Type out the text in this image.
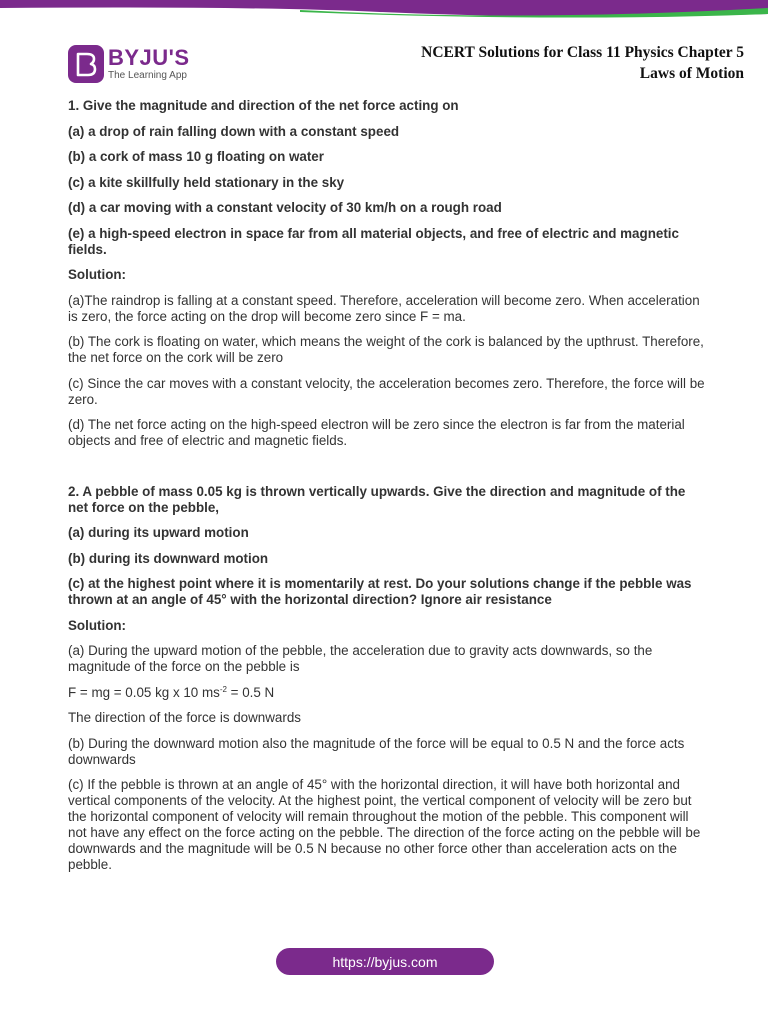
BYJU'S
The Learning App
NCERT Solutions for Class 11 Physics Chapter 5
Laws of Motion
1. Give the magnitude and direction of the net force acting on
(a) a drop of rain falling down with a constant speed
(b) a cork of mass 10 g floating on water
(c) a kite skillfully held stationary in the sky
(d) a car moving with a constant velocity of 30 km/h on a rough road
(e) a high-speed electron in space far from all material objects, and free of electric and magnetic fields.
Solution:
(a)The raindrop is falling at a constant speed. Therefore, acceleration will become zero. When acceleration is zero, the force acting on the drop will become zero since F = ma.
(b) The cork is floating on water, which means the weight of the cork is balanced by the upthrust. Therefore, the net force on the cork will be zero
(c) Since the car moves with a constant velocity, the acceleration becomes zero. Therefore, the force will be zero.
(d) The net force acting on the high-speed electron will be zero since the electron is far from the material objects and free of electric and magnetic fields.
2. A pebble of mass 0.05 kg is thrown vertically upwards. Give the direction and magnitude of the net force on the pebble,
(a) during its upward motion
(b) during its downward motion
(c) at the highest point where it is momentarily at rest. Do your solutions change if the pebble was thrown at an angle of 45° with the horizontal direction? Ignore air resistance
Solution:
(a) During the upward motion of the pebble, the acceleration due to gravity acts downwards, so the magnitude of the force on the pebble is
F = mg = 0.05 kg x 10 $ms^{-2} = 0.5$ N
The direction of the force is downwards
(b) During the downward motion also the magnitude of the force will be equal to 0.5 N and the force acts downwards
(c) If the pebble is thrown at an angle of 45° with the horizontal direction, it will have both horizontal and vertical components of the velocity. At the highest point, the vertical component of velocity will be zero but the horizontal component of velocity will remain throughout the motion of the pebble. This component will not have any effect on the force acting on the pebble. The direction of the force acting on the pebble will be downwards and the magnitude will be 0.5 N because no other force other than acceleration acts on the pebble.
https://byjus.com
